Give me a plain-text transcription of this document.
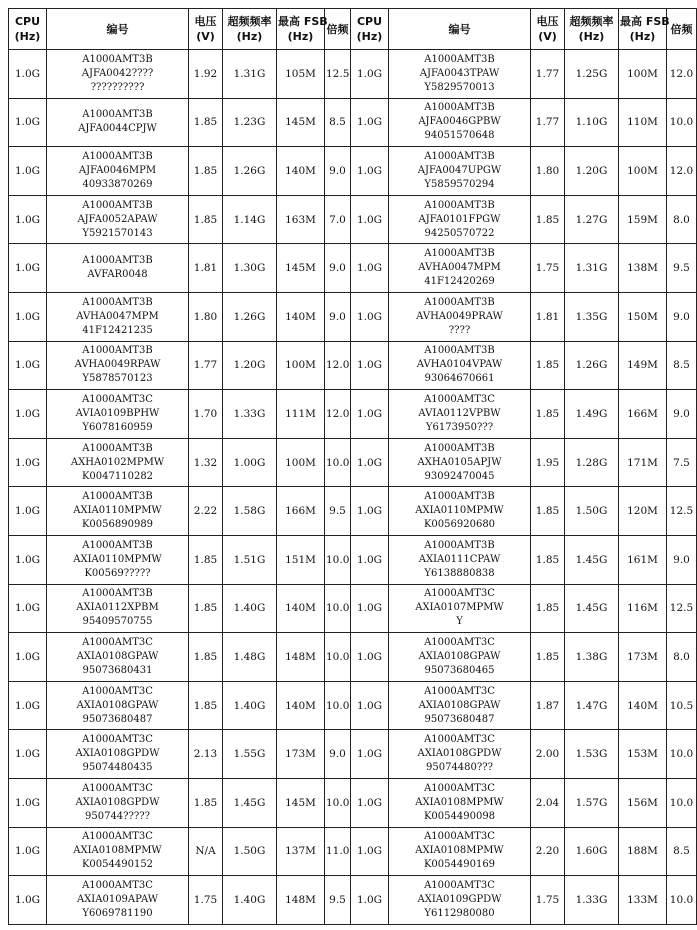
CPU
(Hz)	编号	电压
(V)	超频频率
(Hz)	最高 FSB
(Hz)	倍频	CPU
(Hz)	编号	电压
(V)	超频频率
(Hz)	最高 FSB
(Hz)	倍频

1.0G	A1000AMT3B
AJFA0042????
??????????	1.92	1.31G	105M	12.5	1.0G	A1000AMT3B
AJFA0043TPAW
Y5829570013	1.77	1.25G	100M	12.0
1.0G	A1000AMT3B
AJFA0044CPJW	1.85	1.23G	145M	8.5	1.0G	A1000AMT3B
AJFA0046GPBW
94051570648	1.77	1.10G	110M	10.0
1.0G	A1000AMT3B
AJFA0046MPM
40933870269	1.85	1.26G	140M	9.0	1.0G	A1000AMT3B
AJFA0047UPGW
Y5859570294	1.80	1.20G	100M	12.0
1.0G	A1000AMT3B
AJFA0052APAW
Y5921570143	1.85	1.14G	163M	7.0	1.0G	A1000AMT3B
AJFA0101FPGW
94250570722	1.85	1.27G	159M	8.0
1.0G	A1000AMT3B
AVFAR0048	1.81	1.30G	145M	9.0	1.0G	A1000AMT3B
AVHA0047MPM
41F12420269	1.75	1.31G	138M	9.5
1.0G	A1000AMT3B
AVHA0047MPM
41F12421235	1.80	1.26G	140M	9.0	1.0G	A1000AMT3B
AVHA0049PRAW
????	1.81	1.35G	150M	9.0
1.0G	A1000AMT3B
AVHA0049RPAW
Y5878570123	1.77	1.20G	100M	12.0	1.0G	A1000AMT3B
AVHA0104VPAW
93064670661	1.85	1.26G	149M	8.5
1.0G	A1000AMT3C
AVIA0109BPHW
Y6078160959	1.70	1.33G	111M	12.0	1.0G	A1000AMT3C
AVIA0112VPBW
Y6173950???	1.85	1.49G	166M	9.0
1.0G	A1000AMT3B
AXHA0102MPMW
K0047110282	1.32	1.00G	100M	10.0	1.0G	A1000AMT3B
AXHA0105APJW
93092470045	1.95	1.28G	171M	7.5
1.0G	A1000AMT3B
AXIA0110MPMW
K0056890989	2.22	1.58G	166M	9.5	1.0G	A1000AMT3B
AXIA0110MPMW
K0056920680	1.85	1.50G	120M	12.5
1.0G	A1000AMT3B
AXIA0110MPMW
K00569?????	1.85	1.51G	151M	10.0	1.0G	A1000AMT3B
AXIA0111CPAW
Y6138880838	1.85	1.45G	161M	9.0
1.0G	A1000AMT3B
AXIA0112XPBM
95409570755	1.85	1.40G	140M	10.0	1.0G	A1000AMT3C
AXIA0107MPMW
Y	1.85	1.45G	116M	12.5
1.0G	A1000AMT3C
AXIA0108GPAW
95073680431	1.85	1.48G	148M	10.0	1.0G	A1000AMT3C
AXIA0108GPAW
95073680465	1.85	1.38G	173M	8.0
1.0G	A1000AMT3C
AXIA0108GPAW
95073680487	1.85	1.40G	140M	10.0	1.0G	A1000AMT3C
AXIA0108GPAW
95073680487	1.87	1.47G	140M	10.5
1.0G	A1000AMT3C
AXIA0108GPDW
95074480435	2.13	1.55G	173M	9.0	1.0G	A1000AMT3C
AXIA0108GPDW
95074480???	2.00	1.53G	153M	10.0
1.0G	A1000AMT3C
AXIA0108GPDW
950744?????	1.85	1.45G	145M	10.0	1.0G	A1000AMT3C
AXIA0108MPMW
K0054490098	2.04	1.57G	156M	10.0
1.0G	A1000AMT3C
AXIA0108MPMW
K0054490152	N/A	1.50G	137M	11.0	1.0G	A1000AMT3C
AXIA0108MPMW
K0054490169	2.20	1.60G	188M	8.5
1.0G	A1000AMT3C
AXIA0109APAW
Y6069781190	1.75	1.40G	148M	9.5	1.0G	A1000AMT3C
AXIA0109GPDW
Y6112980080	1.75	1.33G	133M	10.0
